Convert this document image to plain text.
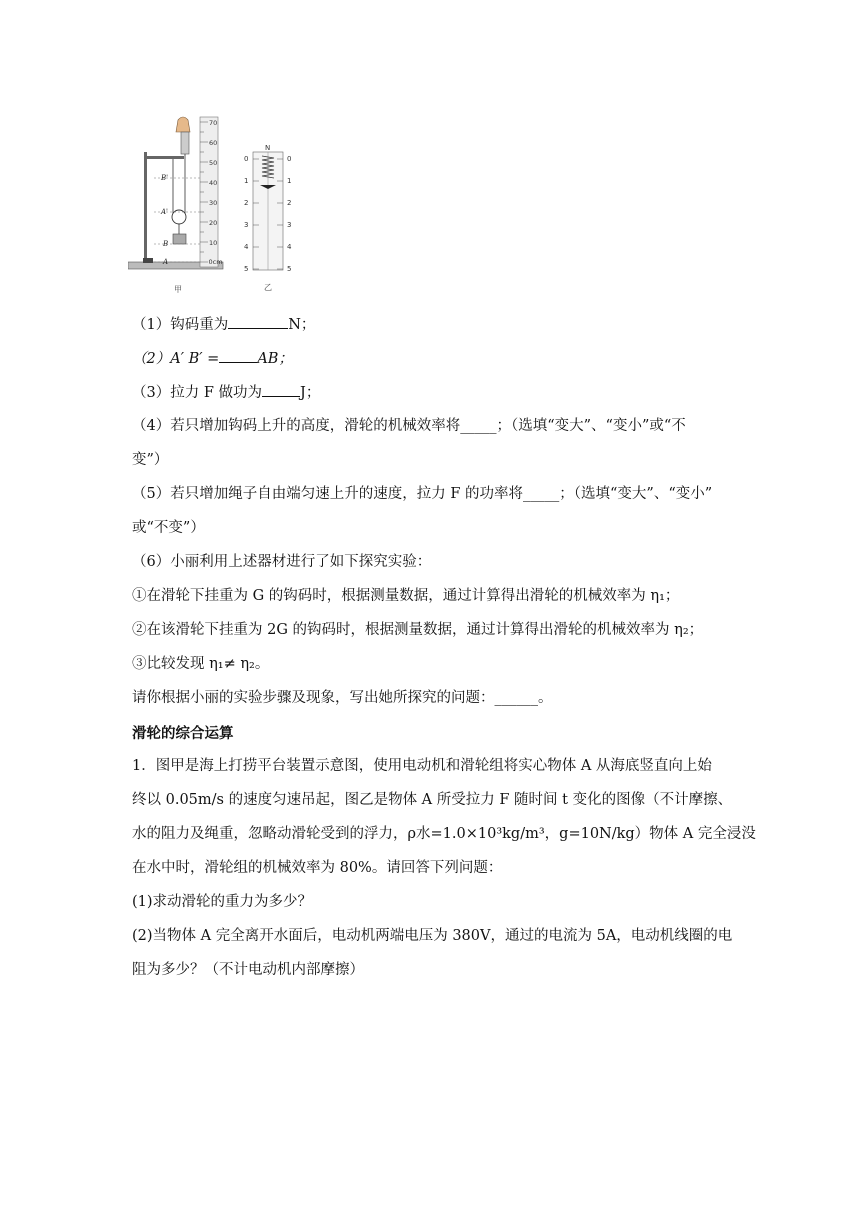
0cm
10
20
30
40
50
60
70
B'
A'
B
A
甲
N
0
1
2
3
4
5
0
1
2
3
4
5
乙
（1）钩码重为	N；
（2）A′ B′ =	AB；
（3）拉力 F 做功为	J；
（4）若只增加钩码上升的高度，滑轮的机械效率将_____；（选填“变大”、“变小”或“不
变”）
（5）若只增加绳子自由端匀速上升的速度，拉力 F 的功率将_____；（选填“变大”、“变小”
或“不变”）
（6）小丽利用上述器材进行了如下探究实验：
①在滑轮下挂重为 G 的钩码时，根据测量数据，通过计算得出滑轮的机械效率为 η₁；
②在该滑轮下挂重为 2G 的钩码时，根据测量数据，通过计算得出滑轮的机械效率为 η₂；
③比较发现 η₁≠ η₂。
请你根据小丽的实验步骤及现象，写出她所探究的问题：______。
滑轮的综合运算
1．图甲是海上打捞平台装置示意图，使用电动机和滑轮组将实心物体 A 从海底竖直向上始
终以 0.05m/s 的速度匀速吊起，图乙是物体 A 所受拉力 F 随时间 t 变化的图像（不计摩擦、
水的阻力及绳重，忽略动滑轮受到的浮力，ρ水=1.0×10³kg/m³，g=10N/kg）物体 A 完全浸没
在水中时，滑轮组的机械效率为 80%。请回答下列问题：
(1)求动滑轮的重力为多少？
(2)当物体 A 完全离开水面后，电动机两端电压为 380V，通过的电流为 5A，电动机线圈的电
阻为多少？（不计电动机内部摩擦）
